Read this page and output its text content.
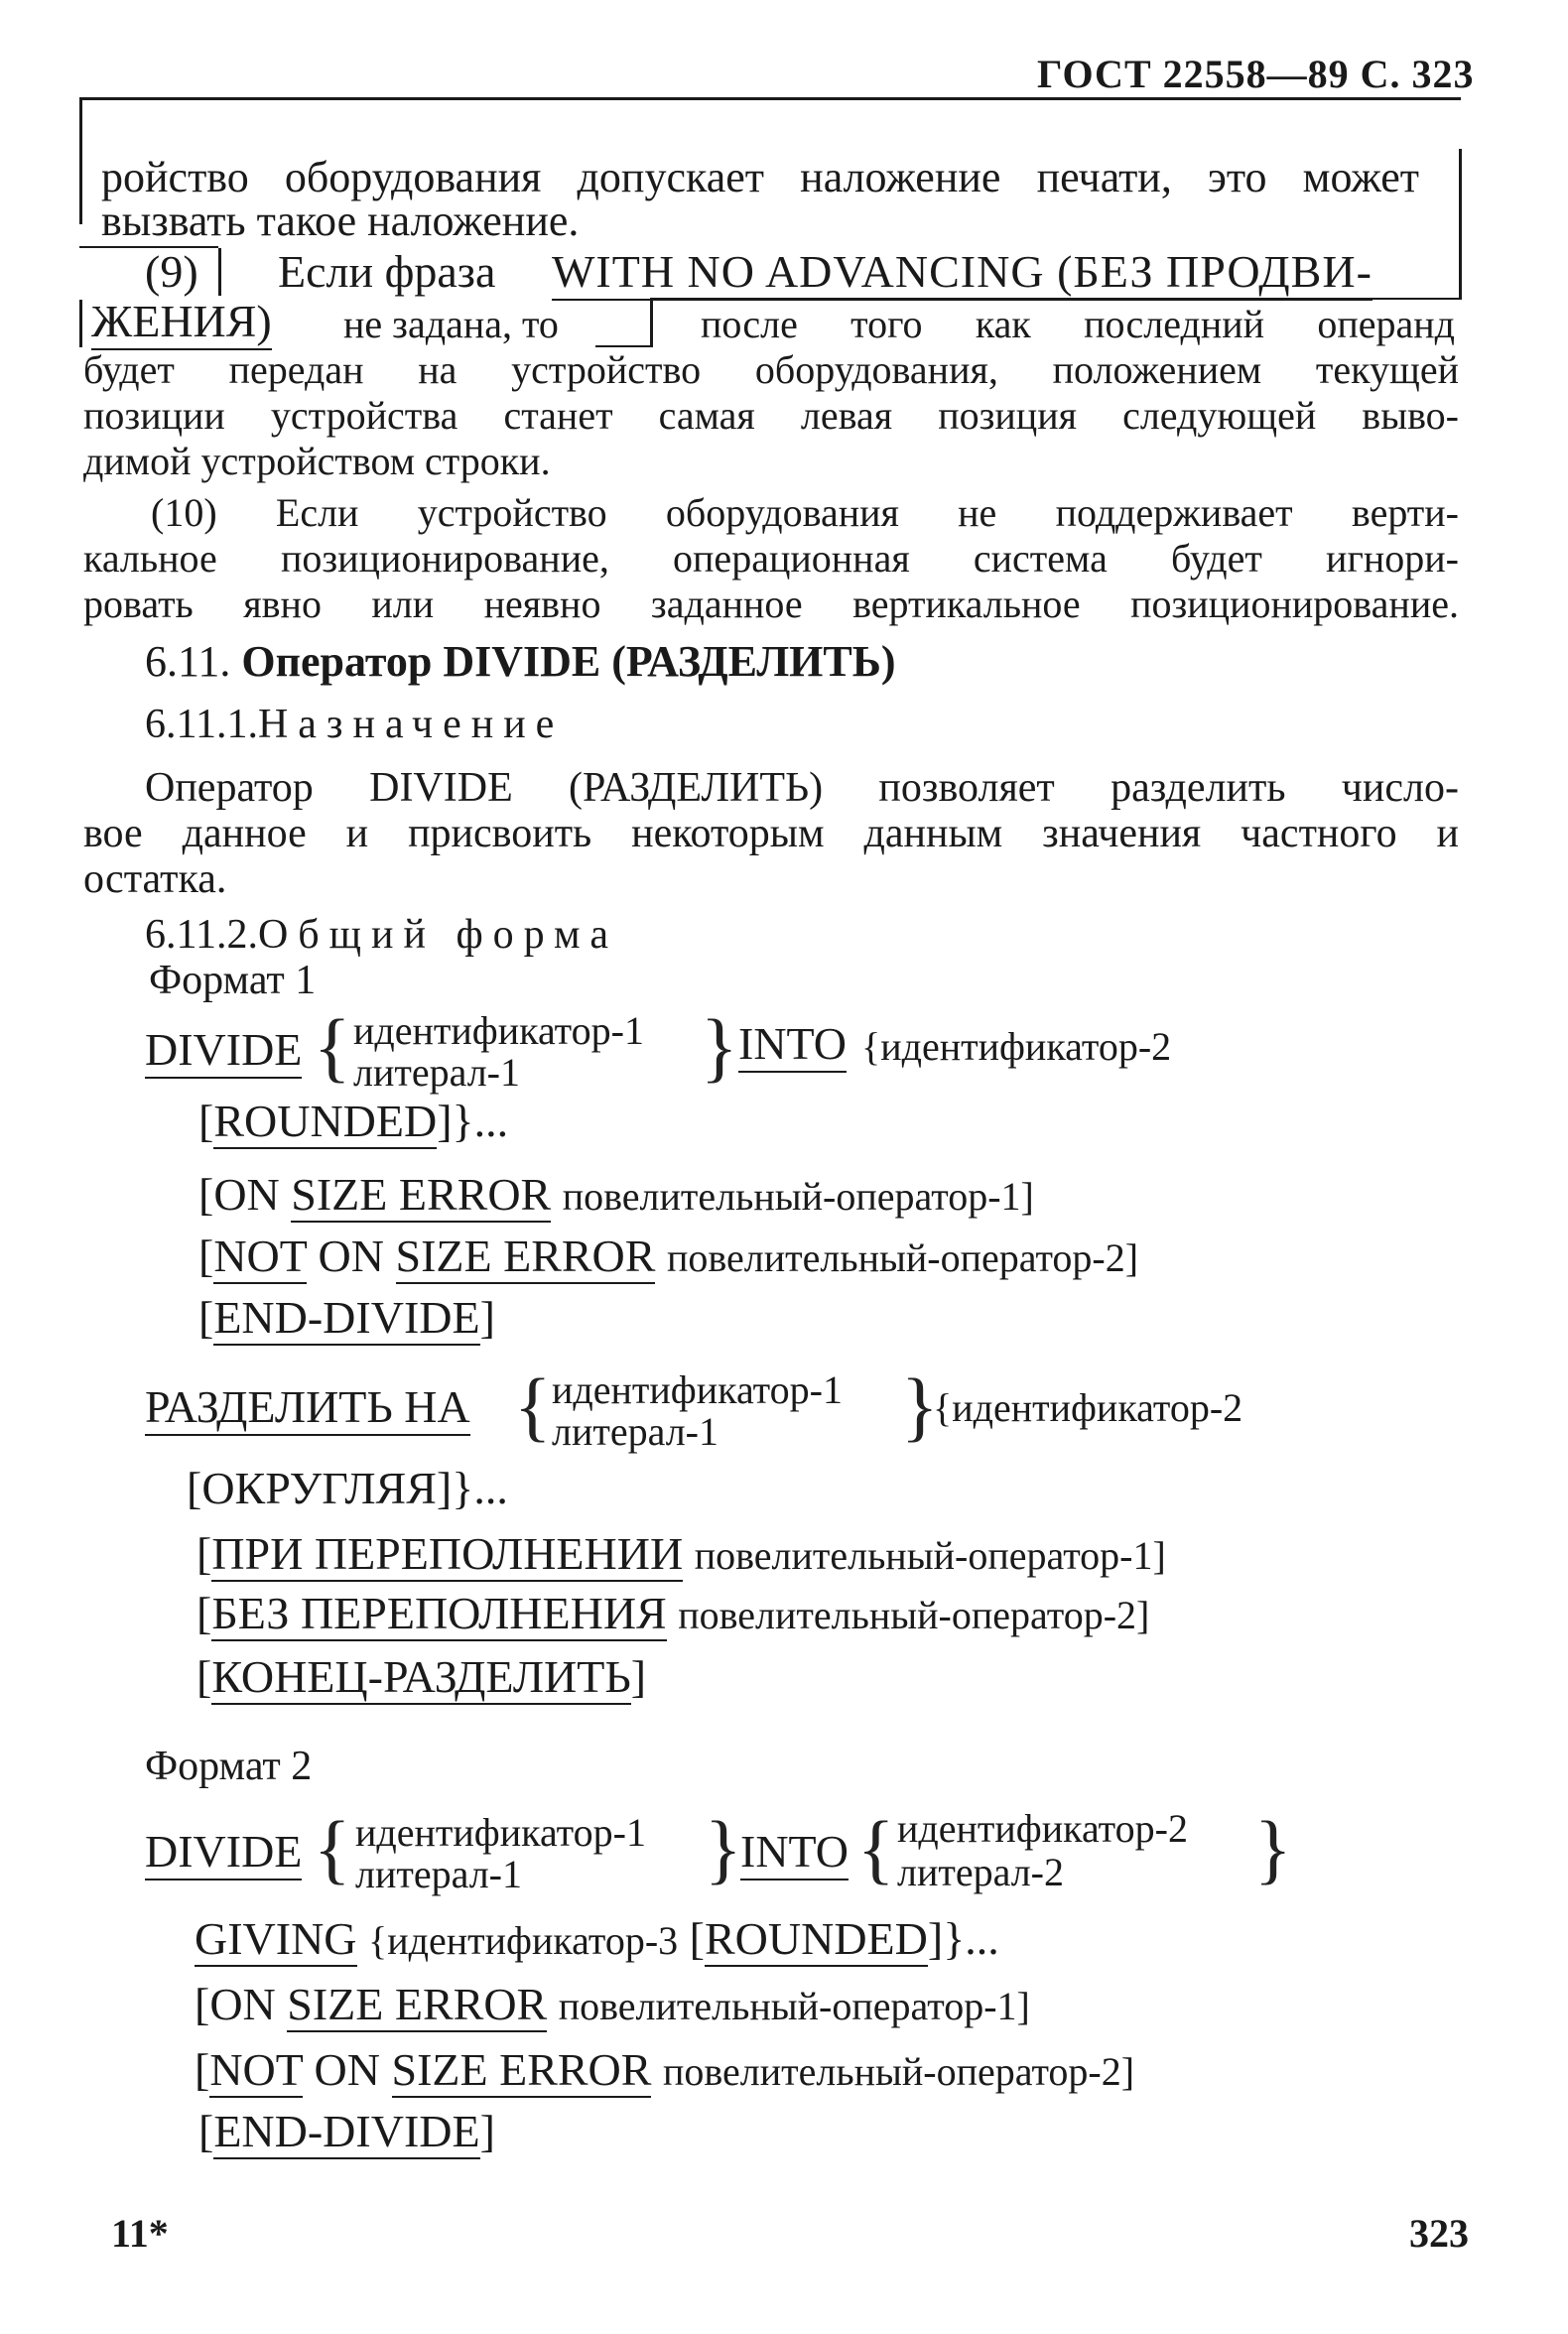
ГОСТ 22558—89 С. 323
ройство оборудования допускает наложение печати, это может
вызвать такое наложение.
(9) Если фраза WITH NO ADVANCING (БЕЗ ПРОДВИ-
ЖЕНИЯ) не задана, то	после того как последний операнд
будет передан на устройство оборудования, положением текущей
позиции устройства станет самая левая позиция следующей выво-
димой устройством строки.
(10) Если устройство оборудования не поддерживает верти-
кальное позиционирование, операционная система будет игнори-
ровать явно или неявно заданное вертикальное позиционирование.
6.11. Оператор DIVIDE (РАЗДЕЛИТЬ)
6.11.1.Назначение
Оператор DIVIDE (РАЗДЕЛИТЬ) позволяет разделить число-
вое данное и присвоить некоторым данным значения частного и
остатка.
6.11.2.Общий форма
Формат 1
DIVIDE { идентификатор-1
литерал-1 } INTO {идентификатор-2
[ROUNDED]}...
[ON SIZE ERROR повелительный-оператор-1]
[NOT ON SIZE ERROR повелительный-оператор-2]
[END-DIVIDE]
РАЗДЕЛИТЬ НА { идентификатор-1
литерал-1 }
{идентификатор-2
[ОКРУГЛЯЯ]}...
[ПРИ ПЕРЕПОЛНЕНИИ повелительный-оператор-1]
[БЕЗ ПЕРЕПОЛНЕНИЯ повелительный-оператор-2]
[КОНЕЦ-РАЗДЕЛИТЬ]
Формат 2
DIVIDE { идентификатор-1
литерал-1 }
INTO { идентификатор-2
литерал-2 }
GIVING {идентификатор-3 [ROUNDED]}...
[ON SIZE ERROR повелительный-оператор-1]
[NOT ON SIZE ERROR повелительный-оператор-2]
[END-DIVIDE]
11*	323
